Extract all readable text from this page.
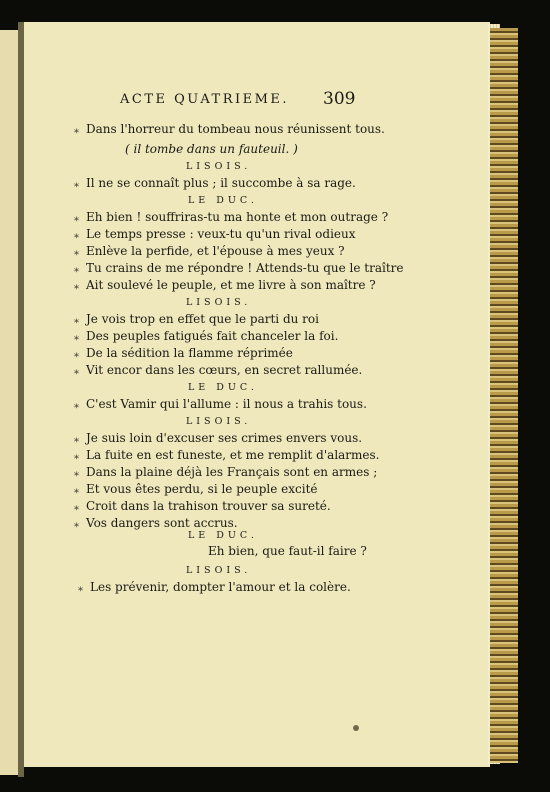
ACTE QUATRIEME. 309
* Dans l'horreur du tombeau nous réunissent tous.
( il tombe dans un fauteuil. )
LISOIS.
* Il ne se connaît plus ; il succombe à sa rage.
LE DUC.
* Eh bien ! souffriras-tu ma honte et mon outrage ?
* Le temps presse : veux-tu qu'un rival odieux
* Enlève la perfide, et l'épouse à mes yeux ?
* Tu crains de me répondre ! Attends-tu que le traître
* Ait soulevé le peuple, et me livre à son maître ?
LISOIS.
* Je vois trop en effet que le parti du roi
* Des peuples fatigués fait chanceler la foi.
* De la sédition la flamme réprimée
* Vit encor dans les cœurs, en secret rallumée.
LE DUC.
* C'est Vamir qui l'allume : il nous a trahis tous.
LISOIS.
* Je suis loin d'excuser ses crimes envers vous.
* La fuite en est funeste, et me remplit d'alarmes.
* Dans la plaine déjà les Français sont en armes ;
* Et vous êtes perdu, si le peuple excité
* Croit dans la trahison trouver sa sureté.
* Vos dangers sont accrus.
LE DUC.
Eh bien, que faut-il faire ?
LISOIS.
* Les prévenir, dompter l'amour et la colère.
